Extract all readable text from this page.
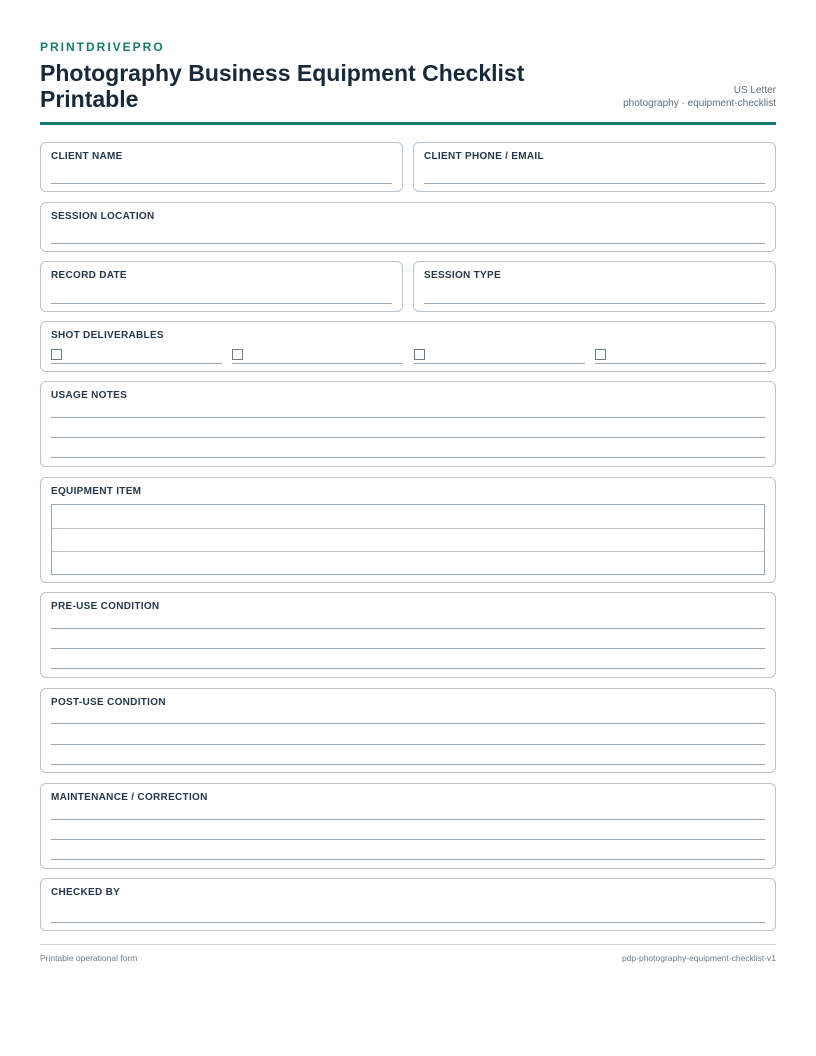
PRINTDRIVEPRO
Photography Business Equipment Checklist Printable	US Letter
photography · equipment-checklist
CLIENT NAME	CLIENT PHONE / EMAIL
SESSION LOCATION
RECORD DATE	SESSION TYPE
SHOT DELIVERABLES
USAGE NOTES
EQUIPMENT ITEM
PRE-USE CONDITION
POST-USE CONDITION
MAINTENANCE / CORRECTION
CHECKED BY
Printable operational form	pdp-photography-equipment-checklist-v1
